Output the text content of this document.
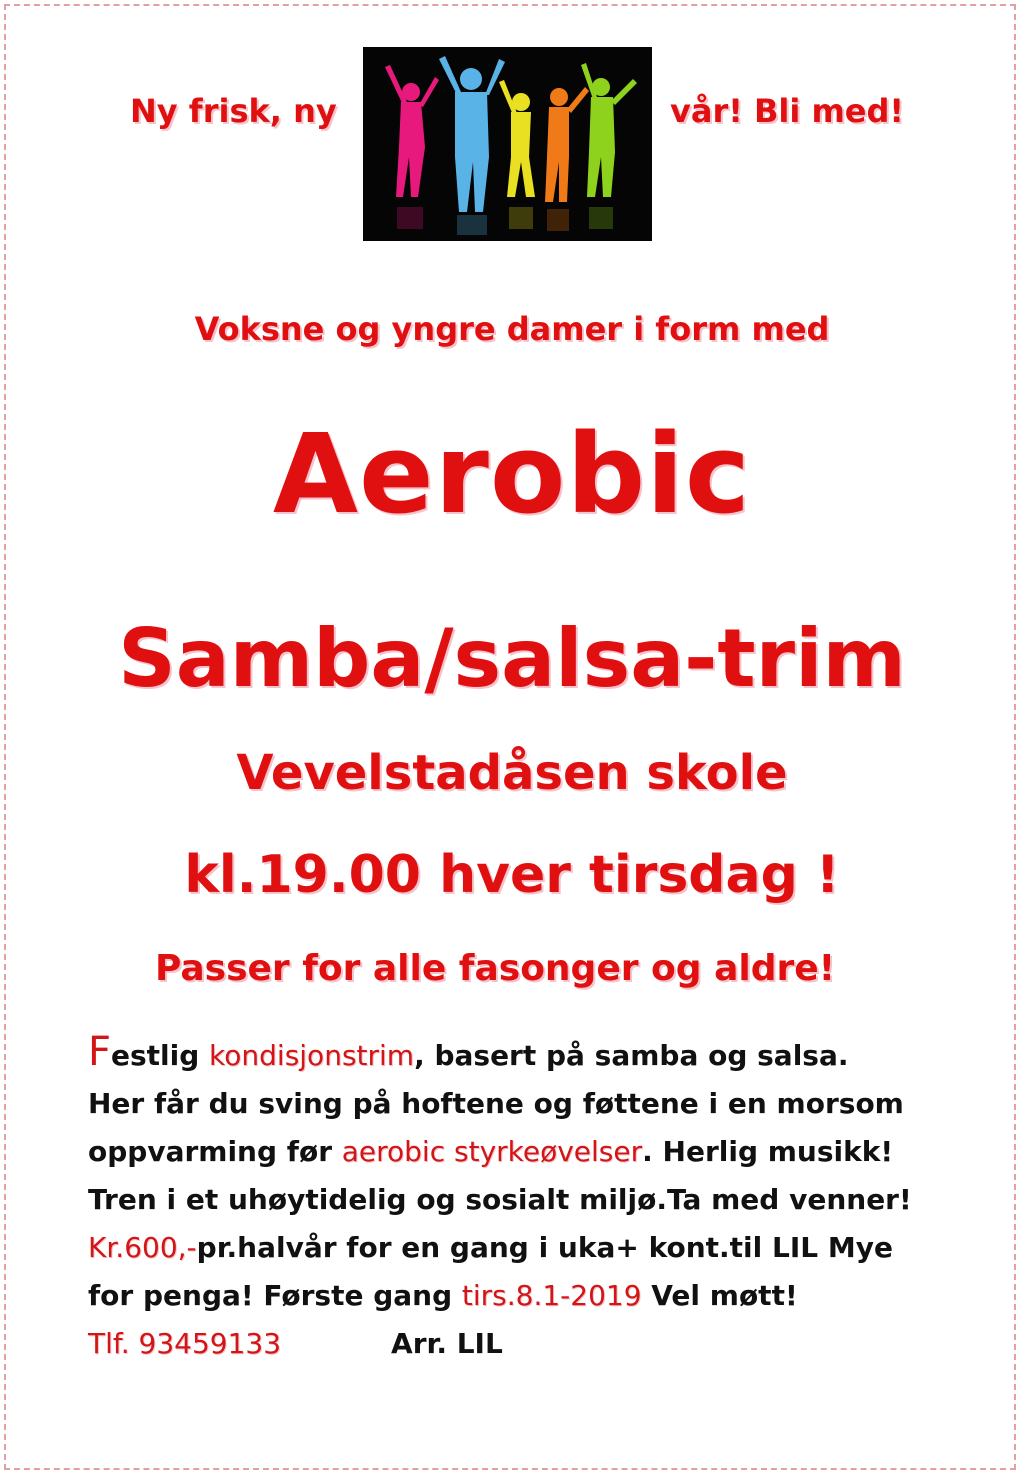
Ny frisk, ny	vår! Bli med!
Voksne og yngre damer i form med
Aerobic
Samba/salsa-trim
Vevelstadåsen skole
kl.19.00 hver tirsdag !
Passer for alle fasonger og aldre!
Festlig kondisjonstrim, basert på samba og salsa.
Her får du sving på hoftene og føttene i en morsom
oppvarming før aerobic styrkeøvelser. Herlig musikk!
Tren i et uhøytidelig og sosialt miljø.Ta med venner!
Kr.600,-pr.halvår for en gang i uka+ kont.til LIL Mye
for penga! Første gang tirs.8.1-2019 Vel møtt!
Tlf. 93459133	Arr. LIL
